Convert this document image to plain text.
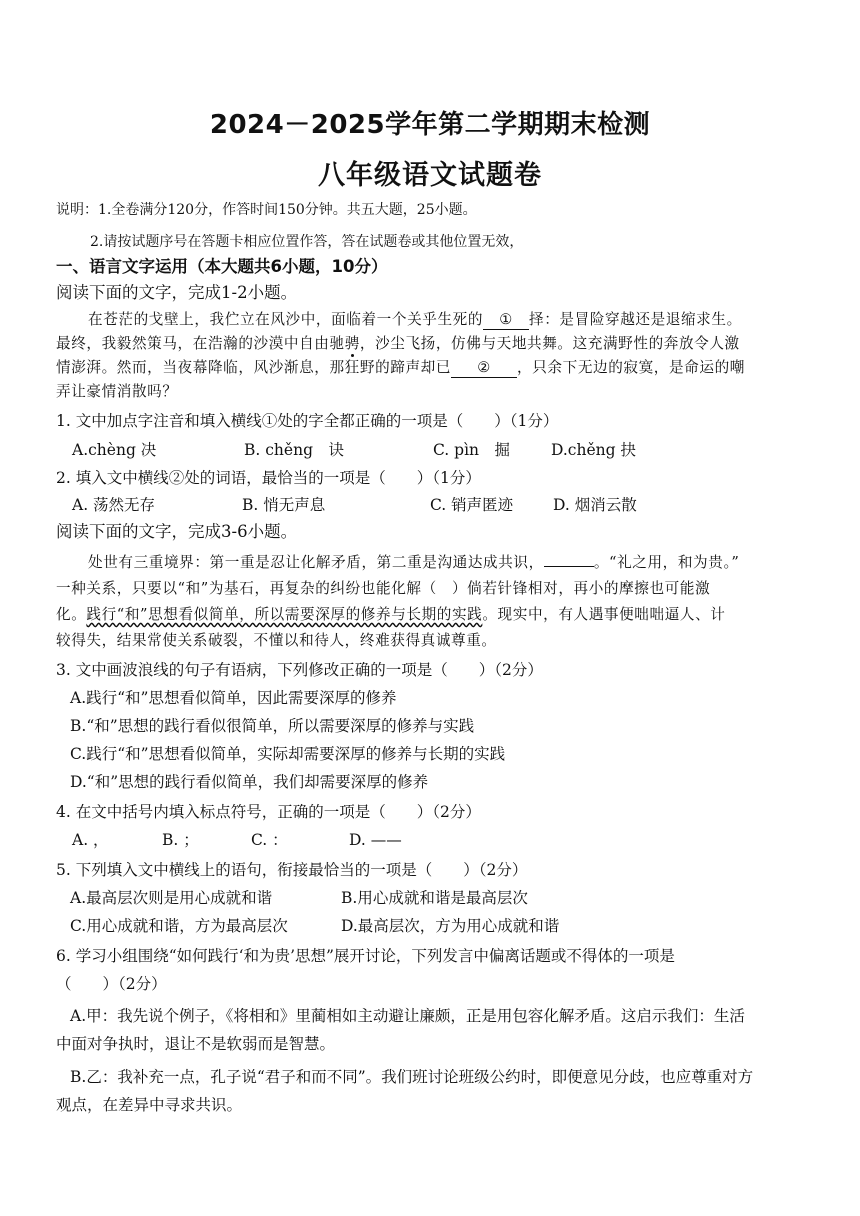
2024－2025学年第二学期期末检测
八年级语文试题卷
说明：1.全卷满分120分，作答时间150分钟。共五大题，25小题。
2.请按试题序号在答题卡相应位置作答，答在试题卷或其他位置无效，
一、语言文字运用（本大题共6小题，10分）
阅读下面的文字，完成1-2小题。
在苍茫的戈壁上，我伫立在风沙中，面临着一个关乎生死的 ① 择：是冒险穿越还是退缩求生。
最终，我毅然策马，在浩瀚的沙漠中自由驰骋，沙尘飞扬，仿佛与天地共舞。这充满野性的奔放令人激
情澎湃。然而，当夜幕降临，风沙渐息，那狂野的蹄声却已 ② ，只余下无边的寂寞，是命运的嘲
弄让豪情消散吗？
1. 文中加点字注音和填入横线①处的字全都正确的一项是（　　）（1分）
A.chèng 决	B. chěng　诀	C. pìn　掘	D.chěng 抉
2. 填入文中横线②处的词语，最恰当的一项是（　　）（1分）
A. 荡然无存	B. 悄无声息	C. 销声匿迹	D. 烟消云散
阅读下面的文字，完成3-6小题。
处世有三重境界：第一重是忍让化解矛盾，第二重是沟通达成共识，	。“礼之用，和为贵。”
一种关系，只要以“和”为基石，再复杂的纠纷也能化解（　）倘若针锋相对，再小的摩擦也可能激
化。践行“和”思想看似简单，所以需要深厚的修养与长期的实践。现实中，有人遇事便咄咄逼人、计
较得失，结果常使关系破裂，不懂以和待人，终难获得真诚尊重。
3. 文中画波浪线的句子有语病，下列修改正确的一项是（　　）（2分）
A.践行“和”思想看似简单，因此需要深厚的修养
B.“和”思想的践行看似很简单，所以需要深厚的修养与实践
C.践行“和”思想看似简单，实际却需要深厚的修养与长期的实践
D.“和”思想的践行看似简单，我们却需要深厚的修养
4. 在文中括号内填入标点符号，正确的一项是（　　）（2分）
A. ，	B. ；	C. ：	D. ——
5. 下列填入文中横线上的语句，衔接最恰当的一项是（　　）（2分）
A.最高层次则是用心成就和谐	B.用心成就和谐是最高层次
C.用心成就和谐，方为最高层次	D.最高层次，方为用心成就和谐
6. 学习小组围绕“如何践行‘和为贵’思想”展开讨论，下列发言中偏离话题或不得体的一项是
（　　）（2分）
A.甲：我先说个例子，《将相和》里蔺相如主动避让廉颇，正是用包容化解矛盾。这启示我们：生活
中面对争执时，退让不是软弱而是智慧。
B.乙：我补充一点，孔子说“君子和而不同”。我们班讨论班级公约时，即便意见分歧，也应尊重对方
观点，在差异中寻求共识。
